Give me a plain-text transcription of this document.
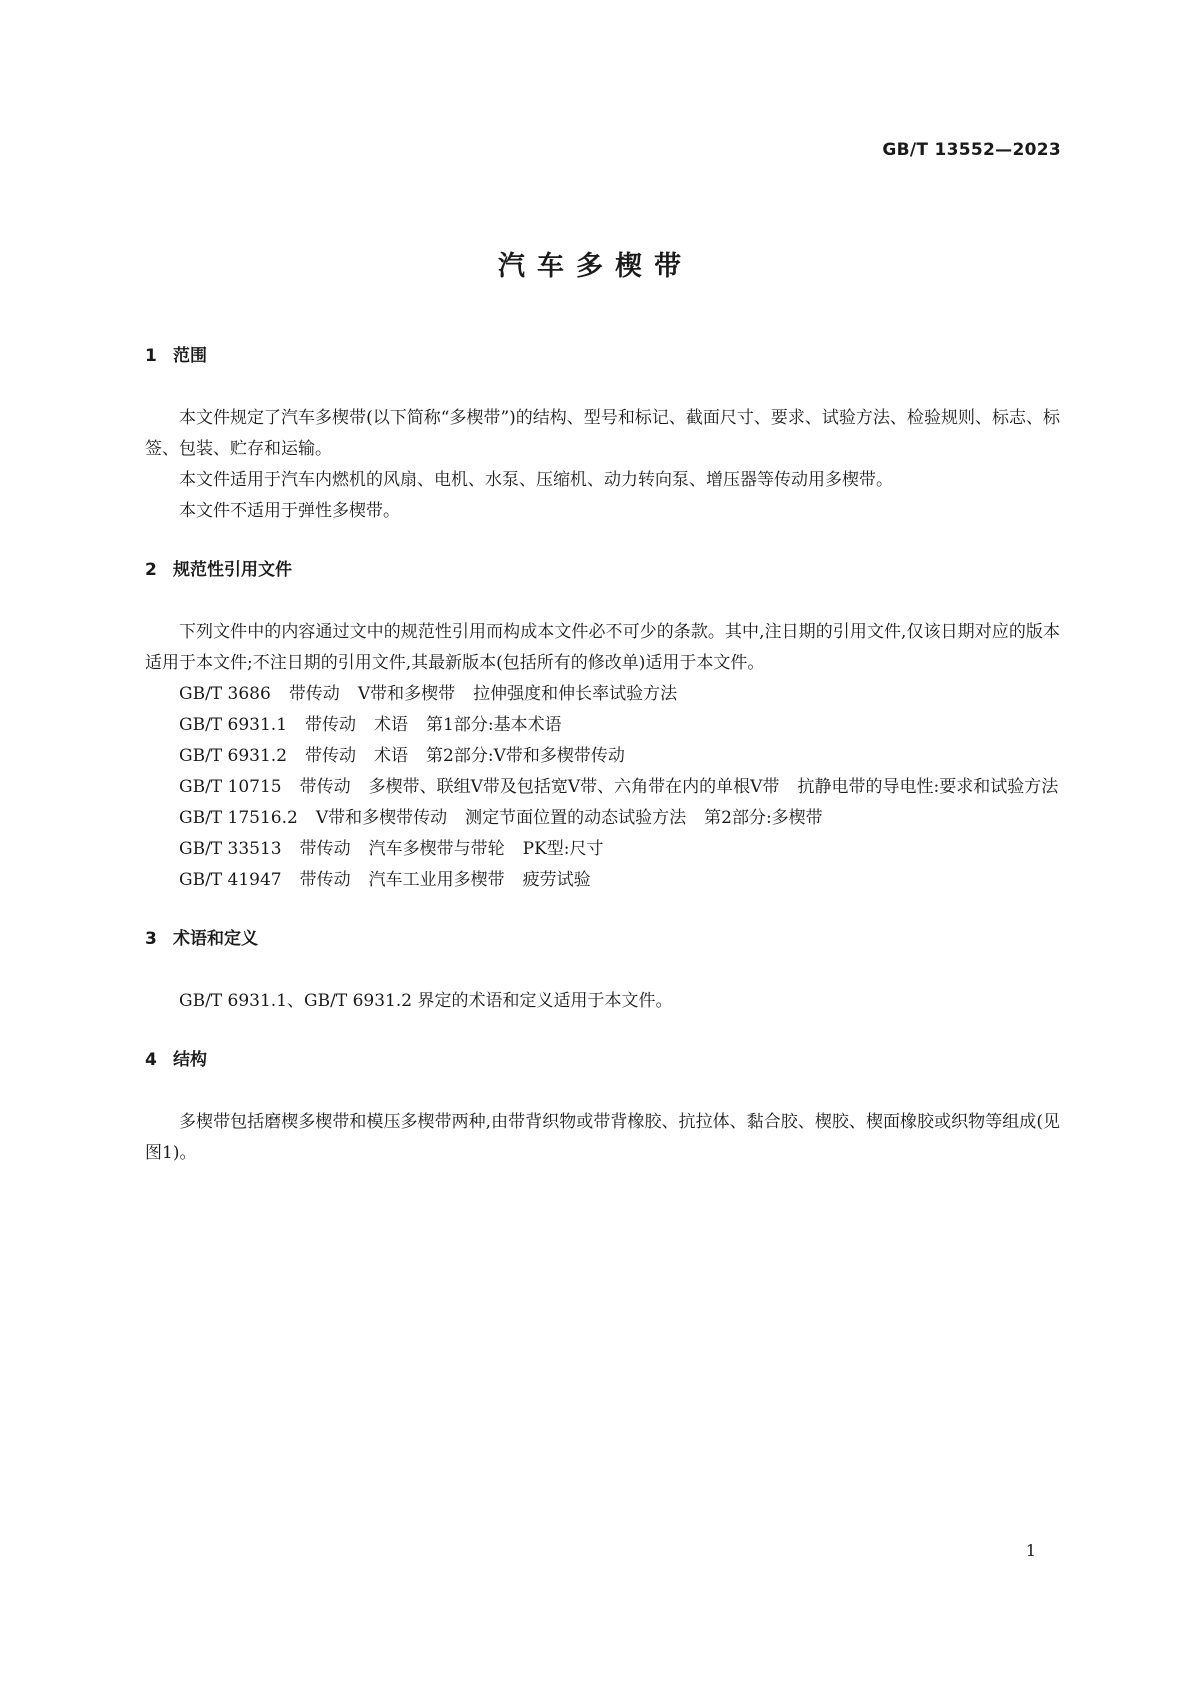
GB/T 13552—2023
汽车多楔带
1 范围

本文件规定了汽车多楔带(以下简称“多楔带”)的结构、型号和标记、截面尺寸、要求、试验方法、检验规则、标志、标签、包装、贮存和运输。

本文件适用于汽车内燃机的风扇、电机、水泵、压缩机、动力转向泵、增压器等传动用多楔带。

本文件不适用于弹性多楔带。

2 规范性引用文件

下列文件中的内容通过文中的规范性引用而构成本文件必不可少的条款。其中,注日期的引用文件,仅该日期对应的版本适用于本文件;不注日期的引用文件,其最新版本(包括所有的修改单)适用于本文件。

GB/T 3686 带传动 V带和多楔带 拉伸强度和伸长率试验方法

GB/T 6931.1 带传动 术语 第1部分:基本术语

GB/T 6931.2 带传动 术语 第2部分:V带和多楔带传动

GB/T 10715 带传动 多楔带、联组V带及包括宽V带、六角带在内的单根V带 抗静电带的导电性:要求和试验方法

GB/T 17516.2 V带和多楔带传动 测定节面位置的动态试验方法 第2部分:多楔带

GB/T 33513 带传动 汽车多楔带与带轮 PK型:尺寸

GB/T 41947 带传动 汽车工业用多楔带 疲劳试验

3 术语和定义

GB/T 6931.1、GB/T 6931.2 界定的术语和定义适用于本文件。

4 结构

多楔带包括磨楔多楔带和模压多楔带两种,由带背织物或带背橡胶、抗拉体、黏合胶、楔胶、楔面橡胶或织物等组成(见图1)。

1
